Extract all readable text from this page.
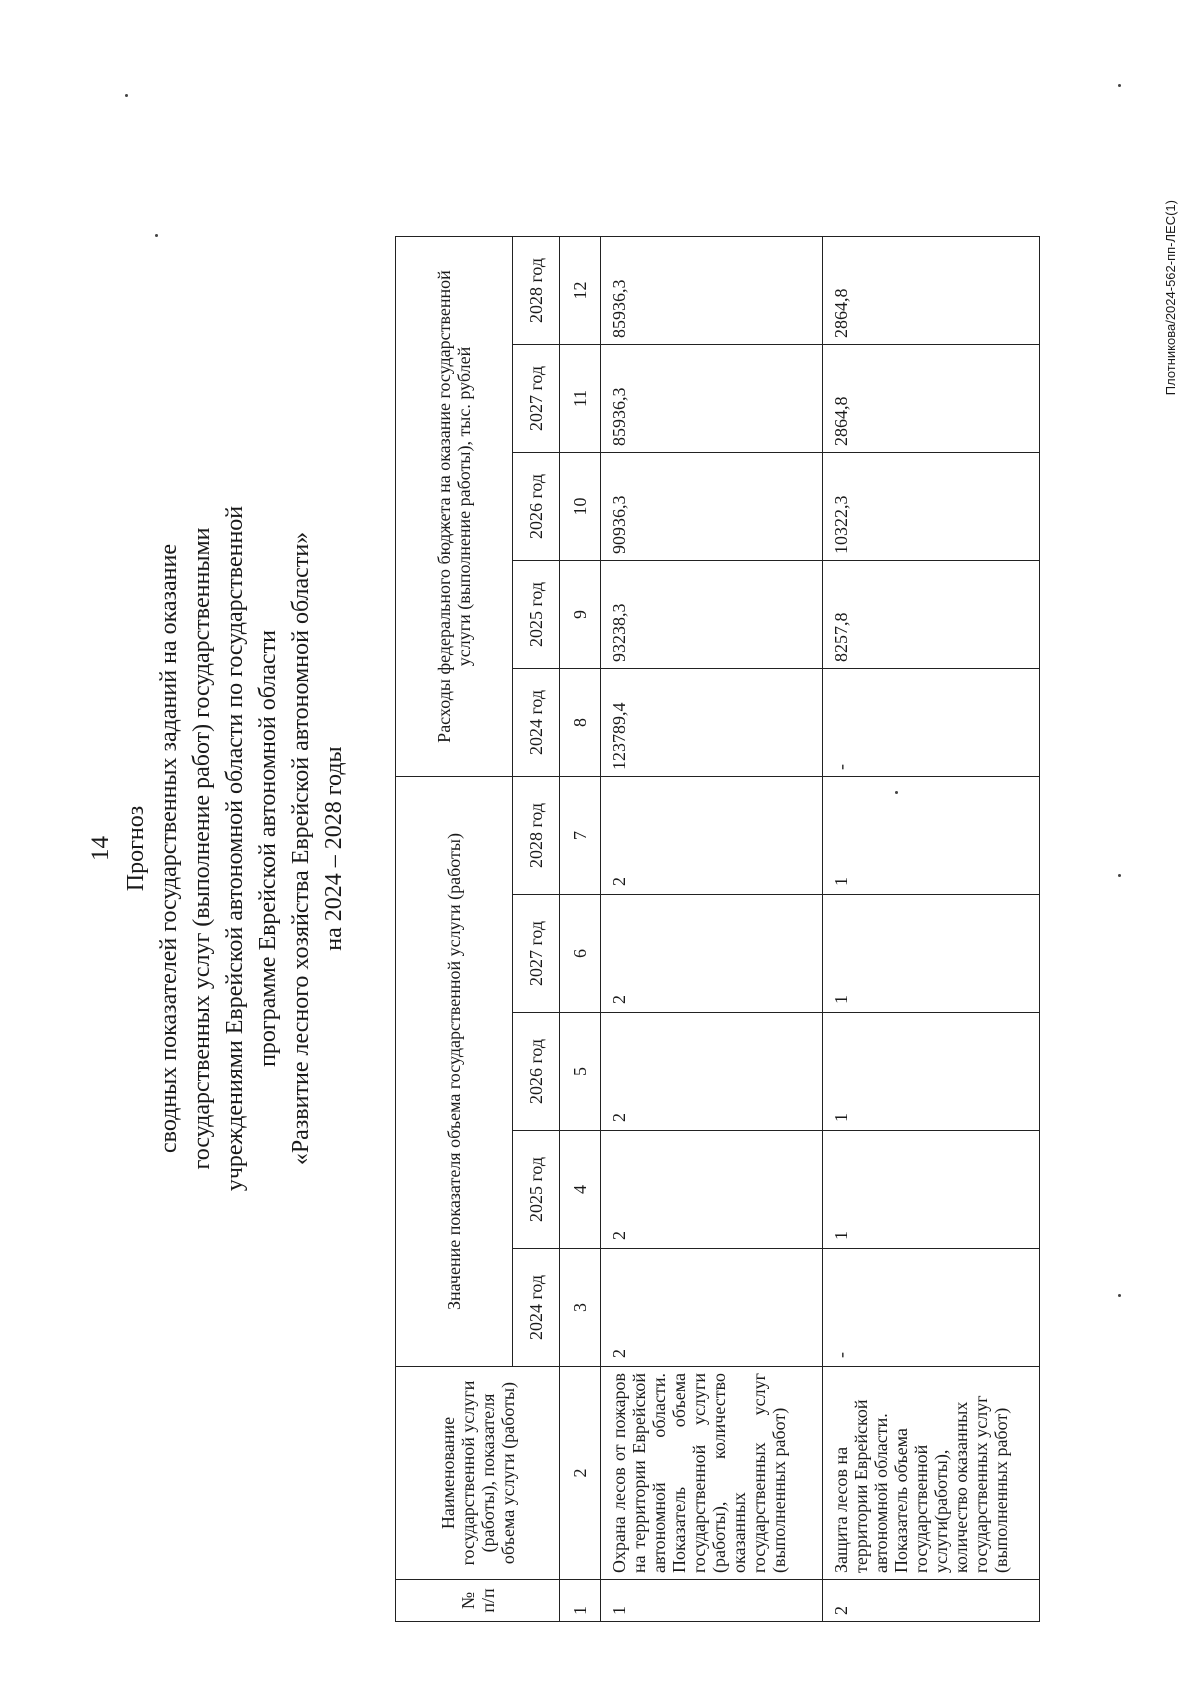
14 Прогноз сводных показателей государственных заданий на оказание государственных услуг (выполнение работ) государственными учреждениями Еврейской автономной области по государственной программе Еврейской автономной области «Развитие лесного хозяйства Еврейской автономной области» на 2024 – 2028 годы
№ п/п	Наименование государственной услуги (работы), показателя объема услуги (работы)	Значение показателя объема государственной услуги (работы)					Расходы федерального бюджета на оказание государственной услуги (выполнение работы), тыс. рублей				
		2024 год	2025 год	2026 год	2027 год	2028 год	2024 год	2025 год	2026 год	2027 год	2028 год
1	2	3	4	5	6	7	8	9	10	11	12
1	Охрана лесов от пожаров на территории Еврейской автономной области. Показатель объема государственной услуги (работы), количество оказанных государственных услуг (выполненных работ)	2	2	2	2	2	123789,4	93238,3	90936,3	85936,3	85936,3
2	Защита лесов на территории Еврейской автономной области. Показатель объема государственной услуги(работы), количество оказанных государственных услуг (выполненных работ)	-	1	1	1	1	-	8257,8	10322,3	2864,8	2864,8	Плотникова/2024-562-пп-ЛЕС(1)
